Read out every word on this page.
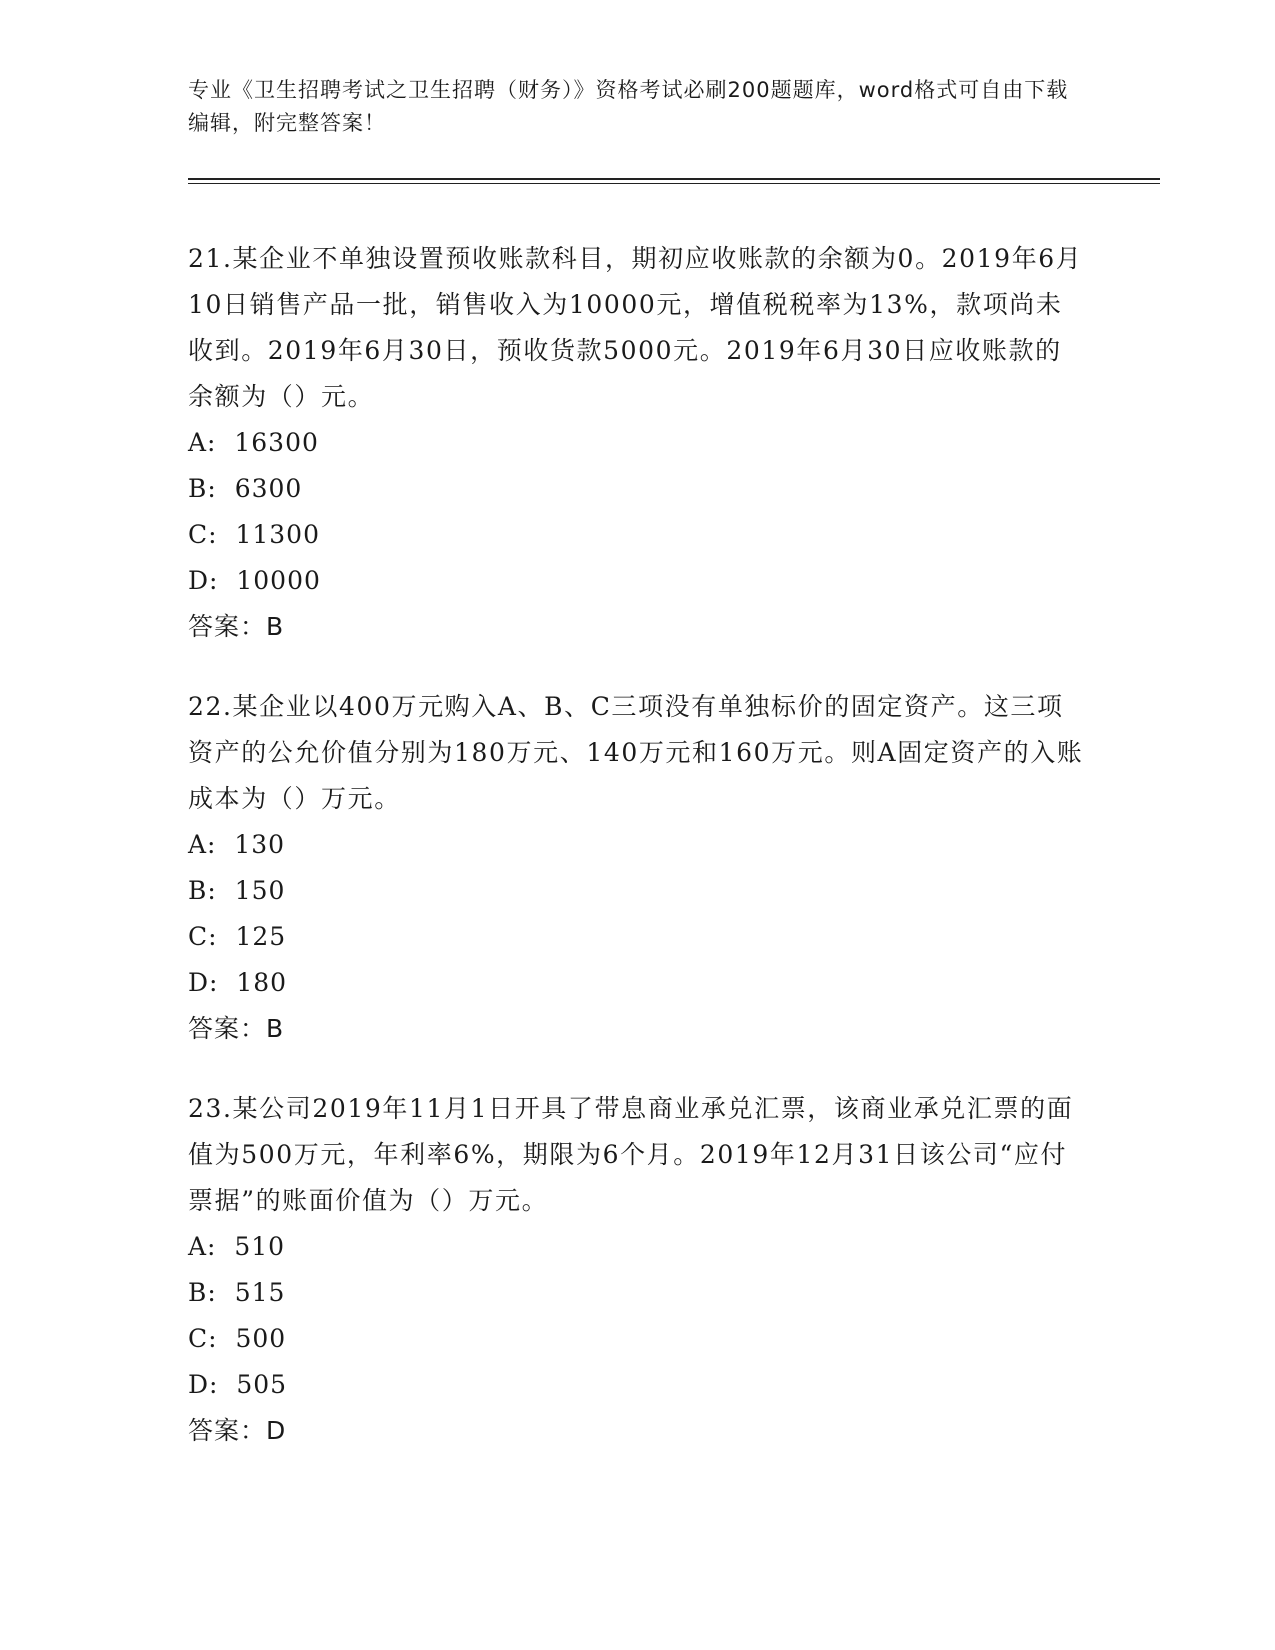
专业《卫生招聘考试之卫生招聘（财务）》资格考试必刷200题题库，word格式可自由下载编辑，附完整答案！

21.某企业不单独设置预收账款科目，期初应收账款的余额为0。2019年6月10日销售产品一批，销售收入为10000元，增值税税率为13%，款项尚未收到。2019年6月30日，预收货款5000元。2019年6月30日应收账款的余额为（）元。

A:  16300
B:  6300
C:  11300
D:  10000
答案：B

22.某企业以400万元购入A、B、C三项没有单独标价的固定资产。这三项资产的公允价值分别为180万元、140万元和160万元。则A固定资产的入账成本为（）万元。

A:  130
B:  150
C:  125
D:  180
答案：B

23.某公司2019年11月1日开具了带息商业承兑汇票，该商业承兑汇票的面值为500万元，年利率6%，期限为6个月。2019年12月31日该公司“应付票据”的账面价值为（）万元。

A:  510
B:  515
C:  500
D:  505
答案：D
